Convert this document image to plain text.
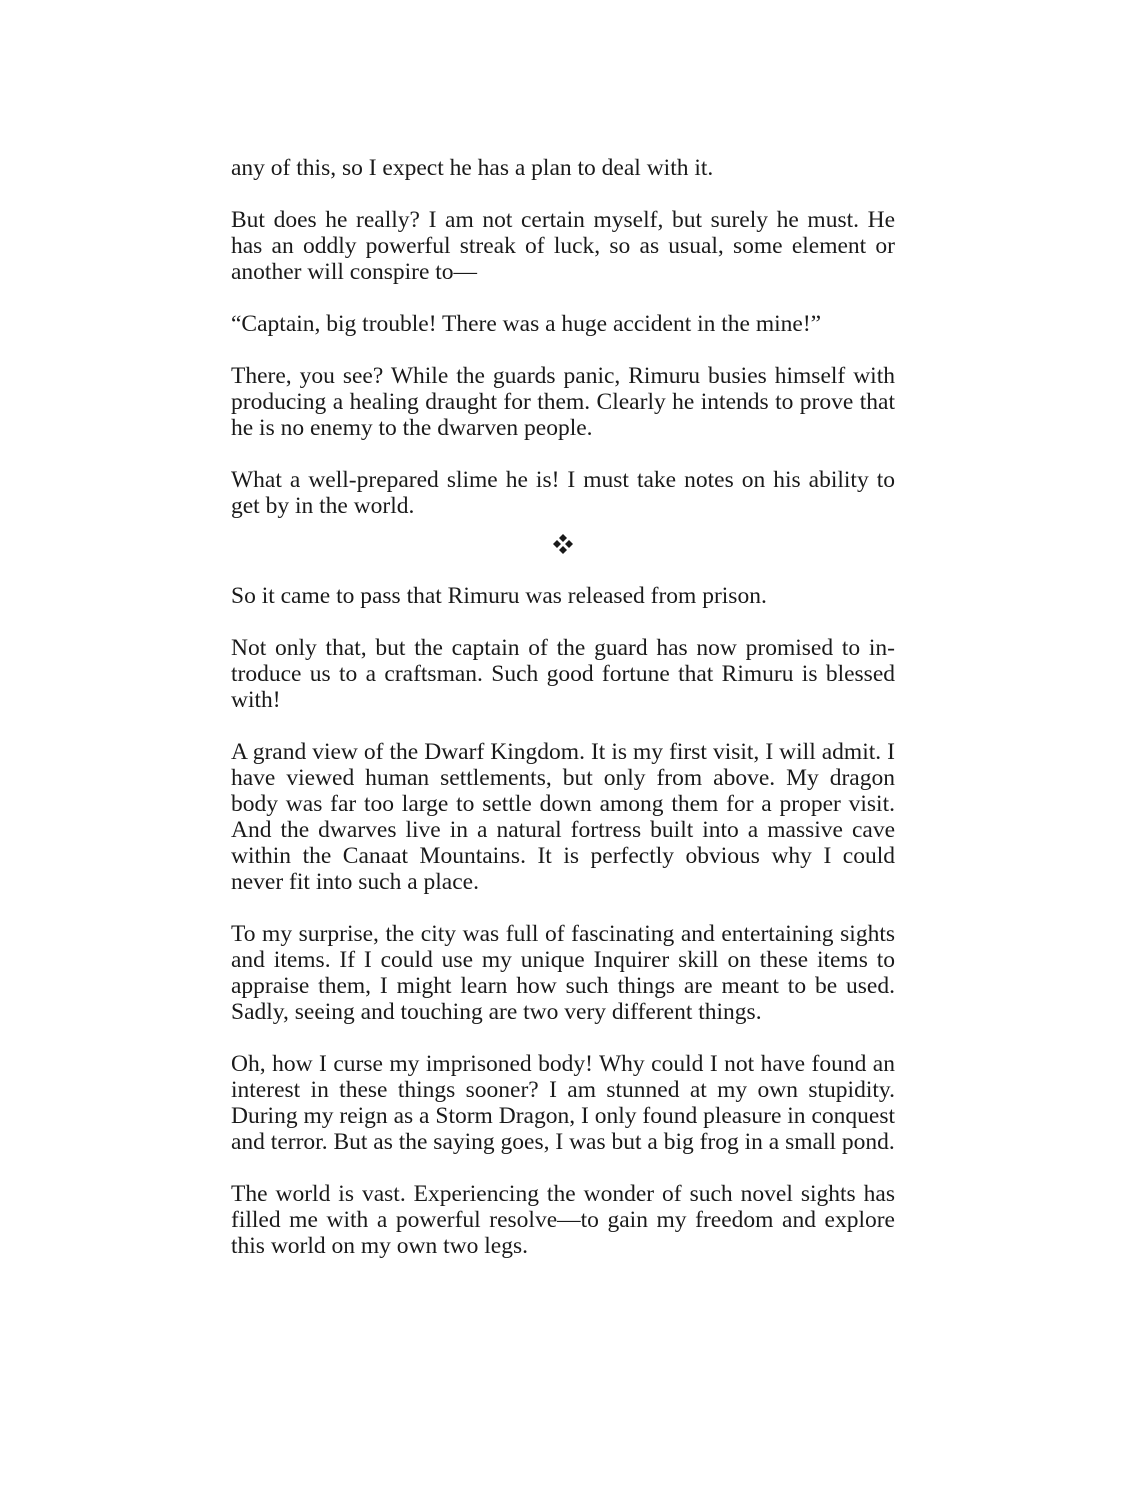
any of this, so I expect he has a plan to deal with it.

But does he really? I am not certain myself, but surely he must. He has an oddly powerful streak of luck, so as usual, some element or another will conspire to—

“Captain, big trouble! There was a huge accident in the mine!”

There, you see? While the guards panic, Rimuru busies himself with producing a healing draught for them. Clearly he intends to prove that he is no enemy to the dwarven people.

What a well-prepared slime he is! I must take notes on his ability to get by in the world.

So it came to pass that Rimuru was released from prison.

Not only that, but the captain of the guard has now promised to introduce us to a craftsman. Such good fortune that Rimuru is blessed with!

A grand view of the Dwarf Kingdom. It is my first visit, I will admit. I have viewed human settlements, but only from above. My dragon body was far too large to settle down among them for a proper visit. And the dwarves live in a natural fortress built into a massive cave within the Canaat Mountains. It is perfectly obvious why I could never fit into such a place.

To my surprise, the city was full of fascinating and entertaining sights and items. If I could use my unique Inquirer skill on these items to appraise them, I might learn how such things are meant to be used. Sadly, seeing and touching are two very different things.

Oh, how I curse my imprisoned body! Why could I not have found an interest in these things sooner? I am stunned at my own stupidity. During my reign as a Storm Dragon, I only found pleasure in conquest and terror. But as the saying goes, I was but a big frog in a small pond.

The world is vast. Experiencing the wonder of such novel sights has filled me with a powerful resolve—to gain my freedom and explore this world on my own two legs.
